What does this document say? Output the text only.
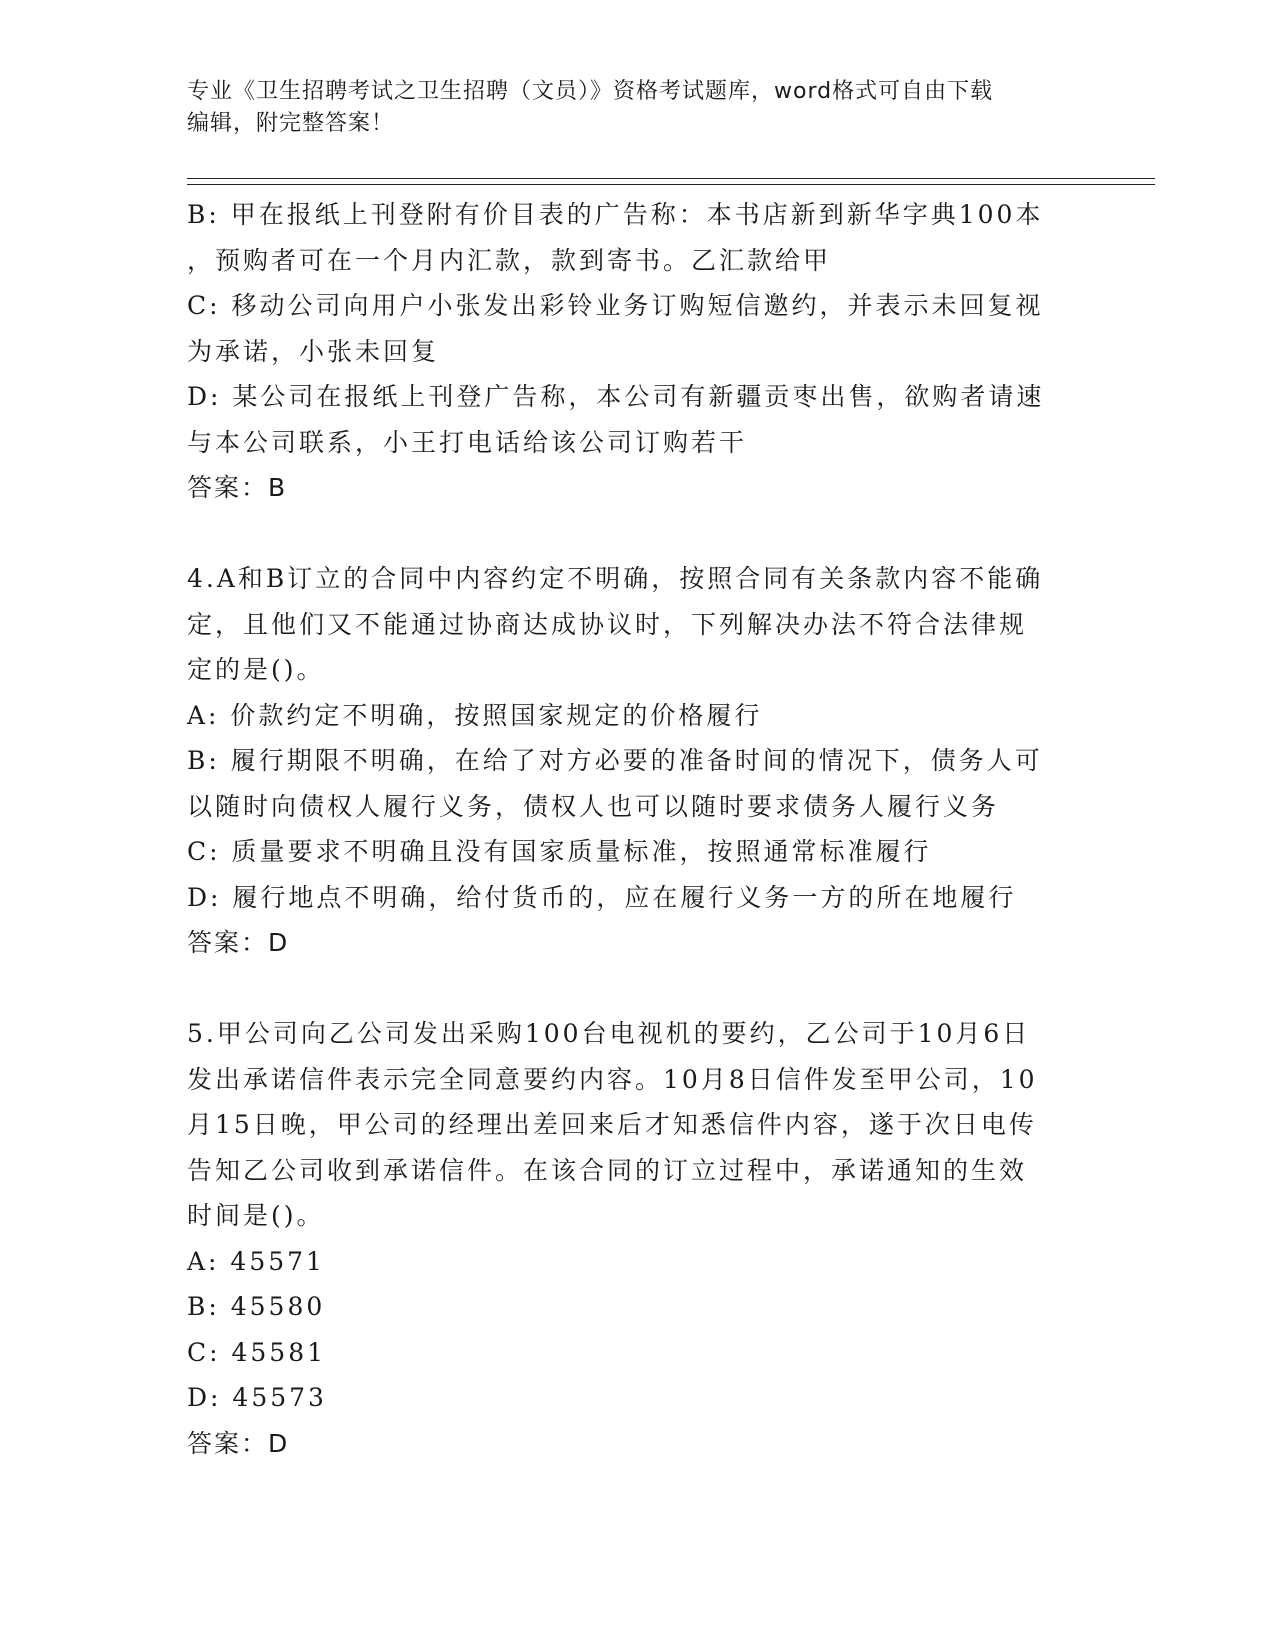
专业《卫生招聘考试之卫生招聘（文员）》资格考试题库，word格式可自由下载
编辑，附完整答案！

B: 甲在报纸上刊登附有价目表的广告称：本书店新到新华字典100本

，预购者可在一个月内汇款，款到寄书。乙汇款给甲

C: 移动公司向用户小张发出彩铃业务订购短信邀约，并表示未回复视

为承诺，小张未回复

D: 某公司在报纸上刊登广告称，本公司有新疆贡枣出售，欲购者请速

与本公司联系，小王打电话给该公司订购若干

答案：B

4.A和B订立的合同中内容约定不明确，按照合同有关条款内容不能确

定，且他们又不能通过协商达成协议时，下列解决办法不符合法律规

定的是()。

A: 价款约定不明确，按照国家规定的价格履行

B: 履行期限不明确，在给了对方必要的准备时间的情况下，债务人可

以随时向债权人履行义务，债权人也可以随时要求债务人履行义务

C: 质量要求不明确且没有国家质量标准，按照通常标准履行

D: 履行地点不明确，给付货币的，应在履行义务一方的所在地履行

答案：D

5.甲公司向乙公司发出采购100台电视机的要约，乙公司于10月6日

发出承诺信件表示完全同意要约内容。10月8日信件发至甲公司，10

月15日晚，甲公司的经理出差回来后才知悉信件内容，遂于次日电传

告知乙公司收到承诺信件。在该合同的订立过程中，承诺通知的生效

时间是()。

A: 45571

B: 45580

C: 45581

D: 45573

答案：D
